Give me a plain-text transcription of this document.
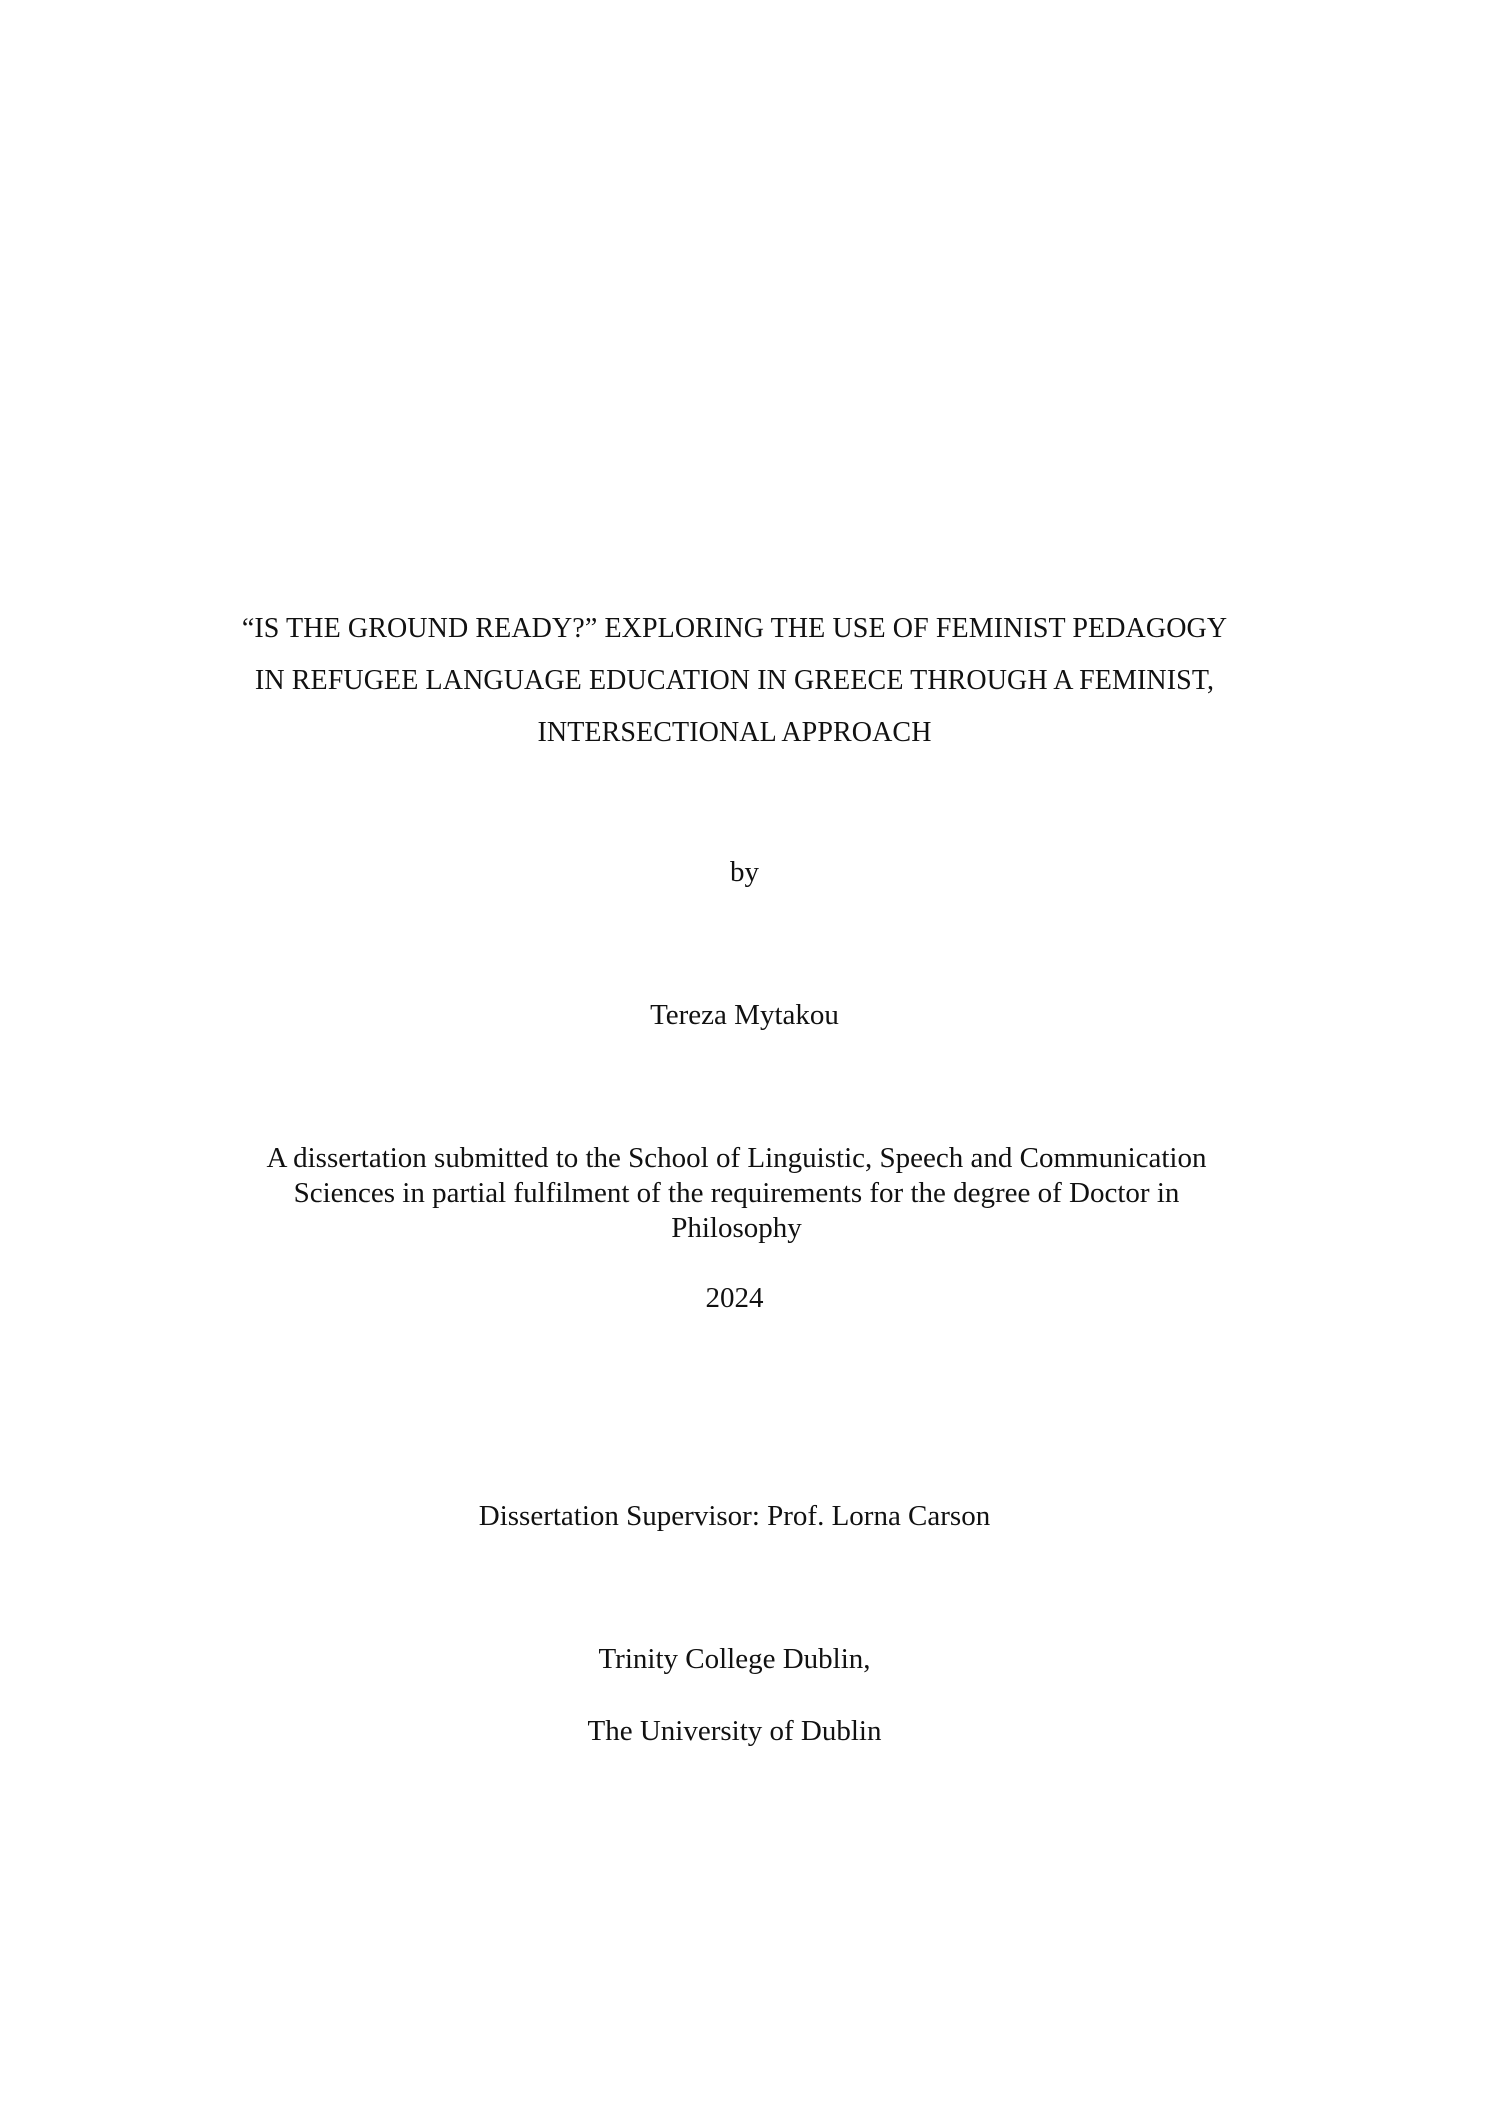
“IS THE GROUND READY?” EXPLORING THE USE OF FEMINIST PEDAGOGY
IN REFUGEE LANGUAGE EDUCATION IN GREECE THROUGH A FEMINIST,
INTERSECTIONAL APPROACH
by
Tereza Mytakou
A dissertation submitted to the School of Linguistic, Speech and Communication
Sciences in partial fulfilment of the requirements for the degree of Doctor in
Philosophy
2024
Dissertation Supervisor: Prof. Lorna Carson
Trinity College Dublin,
The University of Dublin
